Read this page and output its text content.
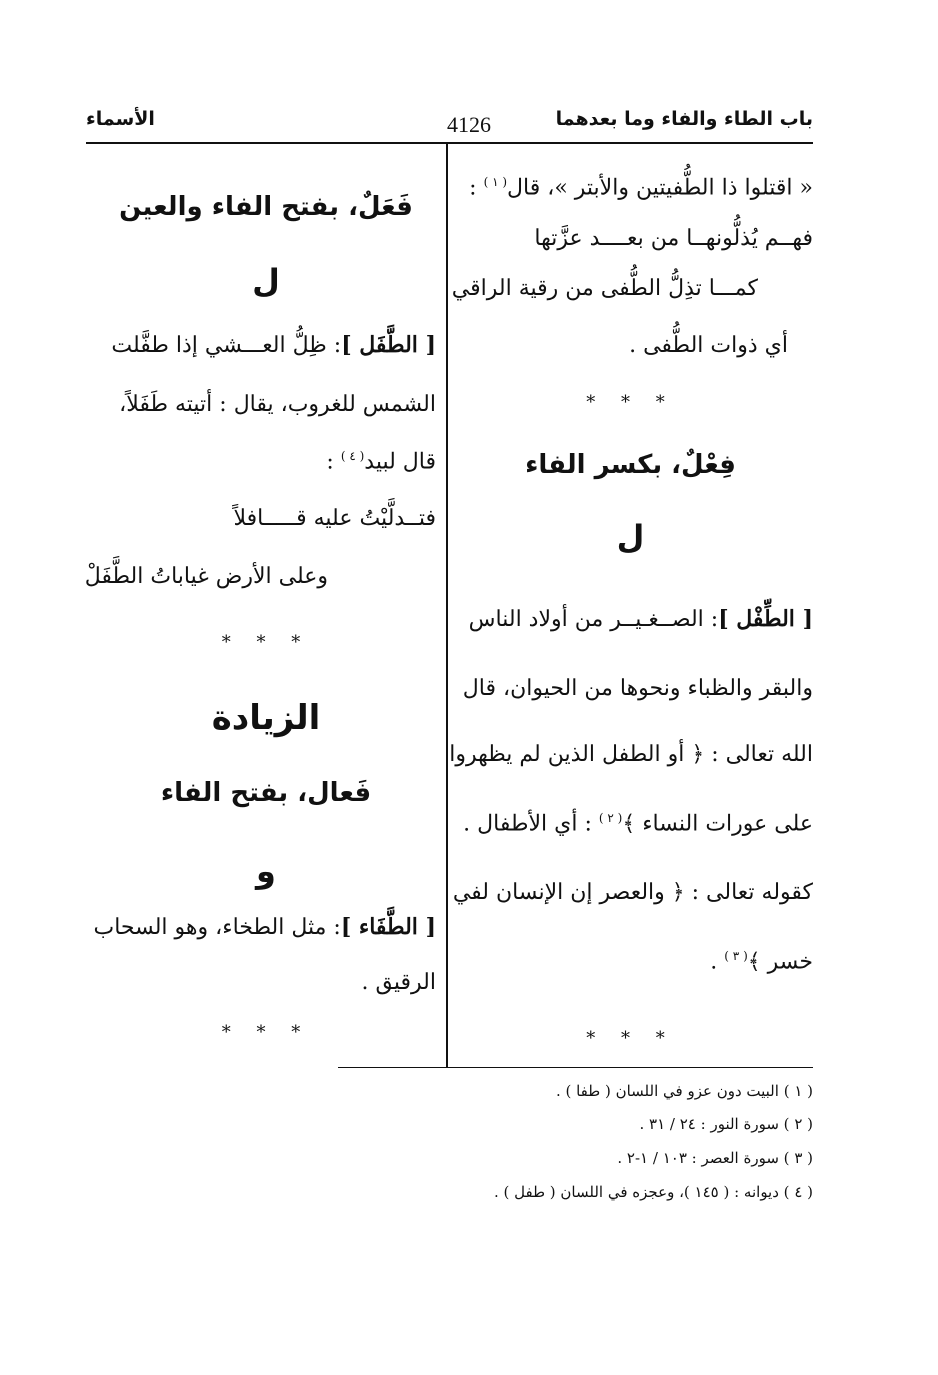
باب الطاء والفاء وما بعدهما
4126
الأسماء
« اقتلوا ذا الطُّفيتين والأبتر »، قال$^{( ١ )}$ :
فهــم يُذلُّونهــا من بعــــد عزَّتها
كمـــا تذِلُّ الطُّفى من رقية الراقي
أي ذوات الطُّفى .
* * *
فِعْلٌ، بكسر الفاء
ل
[ الطِّفْل ]: الصــغـيــر من أولاد الناس
والبقر والظباء ونحوها من الحيوان، قال
الله تعالى : ﴿ أو الطفل الذين لم يظهروا
على عورات النساء ﴾$^{( ٢ )}$ : أي الأطفال .
كقوله تعالى : ﴿ والعصر إن الإنسان لفي
خسر ﴾$^{( ٣ )}$ .
* * *
فَعَلٌ، بفتح الفاء والعين
ل
[ الطَّفَل ]: ظِلُّ العـــشي إذا طفَّلت
الشمس للغروب، يقال : أتيته طَفَلاً،
قال لبيد$^{( ٤ )}$ :
فتــدلَّيْتُ عليه قـــــافلاً
وعلى الأرض غياباتُ الطَّفَلْ
* * *
الزيادة
فَعال، بفتح الفاء
و
[ الطَّفَاء ]: مثل الطخاء، وهو السحاب
الرقيق .
* * *
( ١ ) البيت دون عزو في اللسان ( طفا ) .
( ٢ ) سورة النور : ٢٤ / ٣١ .
( ٣ ) سورة العصر : ١٠٣ / ١-٢ .
( ٤ ) ديوانه : ( ١٤٥ )، وعجزه في اللسان ( طفل ) .
